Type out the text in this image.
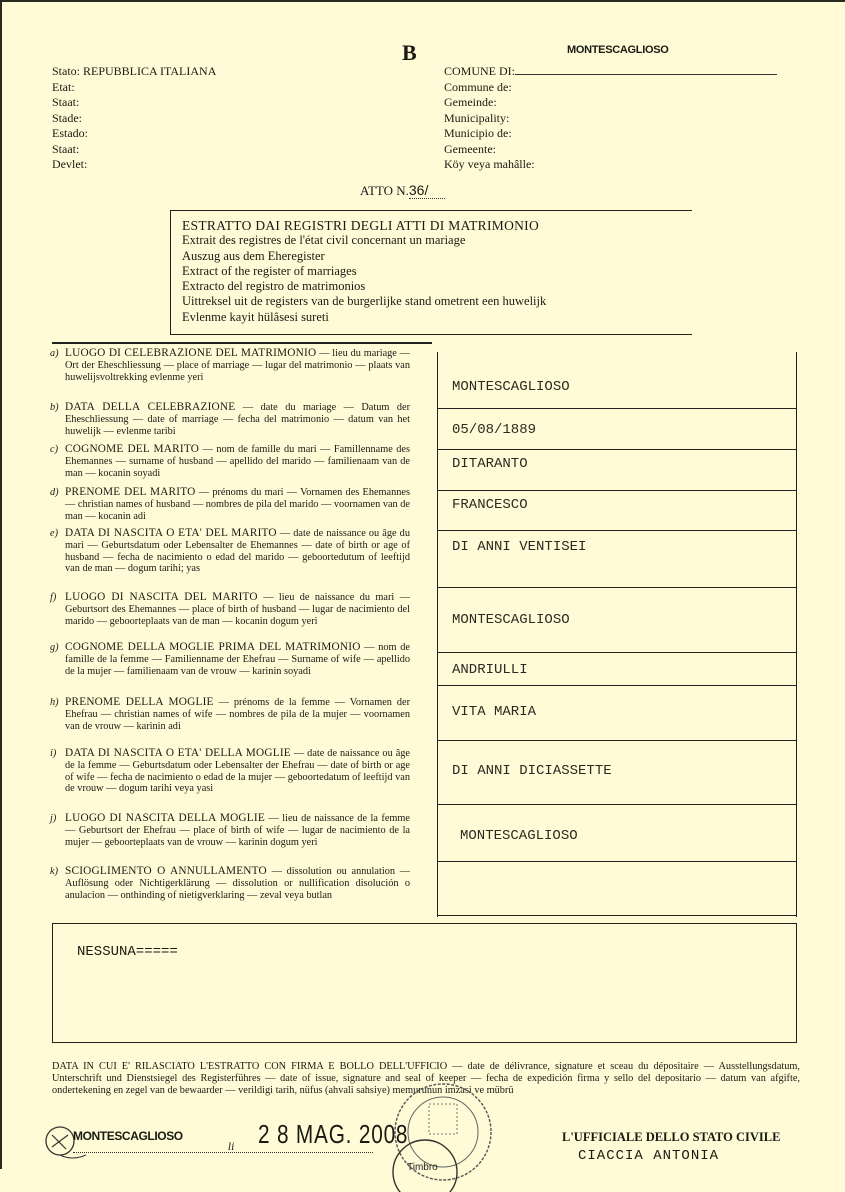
B	MONTESCAGLIOSO
Stato: REPUBBLICA ITALIANA
Etat:
Staat:
Stade:
Estado:
Staat:
Devlet:
COMUNE DI:
Commune de:
Gemeinde:
Municipality:
Municipio de:
Gemeente:
Köy veya mahâlle:
ATTO N.36/
ESTRATTO DAI REGISTRI DEGLI ATTI DI MATRIMONIO
Extrait des registres de l'état civil concernant un mariage
Auszug aus dem Eheregister
Extract of the register of marriages
Extracto del registro de matrimonios
Uittreksel uit de registers van de burgerlijke stand ometrent een huwelijk
Evlenme kayit hülâsesi sureti
a) LUOGO DI CELEBRAZIONE DEL MATRIMONIO — lieu du mariage — Ort der Eheschliessung — place of marriage — lugar del matrimonio — plaats van huwelijsvoltrekking evlenme yeri
b) DATA DELLA CELEBRAZIONE — date du mariage — Datum der Eheschliessung — date of marriage — fecha del matrimonio — datum van het huwelijk — evlenme taribi
c) COGNOME DEL MARITO — nom de famille du mari — Famillenname des Ehemannes — surname of husband — apellido del marido — familienaam van de man — kocanin soyadi
d) PRENOME DEL MARITO — prénoms du mari — Vornamen des Ehemannes — christian names of husband — nombres de pila del marido — voornamen van de man — kocanin adi
e) DATA DI NASCITA O ETA' DEL MARITO — date de naissance ou âge du mari — Geburtsdatum oder Lebensalter de Ehemannes — date of birth or age of husband — fecha de nacimiento o edad del marido — geboortedutum of leeftijd van de man — dogum tarihi; yas
f) LUOGO DI NASCITA DEL MARITO — lieu de naissance du mari — Geburtsort des Ehemannes — place of birth of husband — lugar de nacimiento del marido — geboorteplaats van de man — kocanin dogum yeri
g) COGNOME DELLA MOGLIE PRIMA DEL MATRIMONIO — nom de famille de la femme — Familienname der Ehefrau — Surname of wife — apellido de la mujer — familienaam van de vrouw — karinin soyadi
h) PRENOME DELLA MOGLIE — prénoms de la femme — Vornamen der Ehefrau — christian names of wife — nombres de pila de la mujer — voornamen van de vrouw — karinin adi
i) DATA DI NASCITA O ETA' DELLA MOGLIE — date de naissance ou âge de la femme — Geburtsdatum oder Lebensalter der Ehefrau — date of birth or age of wife — fecha de nacimiento o edad de la mujer — geboortedatum of leeftijd van de vrouw — dogum tarihi veya yasi
j) LUOGO DI NASCITA DELLA MOGLIE — lieu de naissance de la femme — Geburtsort der Ehefrau — place of birth of wife — lugar de nacimiento de la mujer — geboorteplaats van de vrouw — karinin dogum yeri
k) SCIOGLIMENTO O ANNULLAMENTO — dissolution ou annulation — Auflösung oder Nichtigerklärung — dissolution or nullification disolución o anulacion — onthinding of nietigverklaring — zeval veya butlan
MONTESCAGLIOSO
05/08/1889
DITARANTO
FRANCESCO
DI ANNI VENTISEI
MONTESCAGLIOSO
ANDRIULLI
VITA MARIA
DI ANNI DICIASSETTE
MONTESCAGLIOSO
NESSUNA=====
DATA IN CUI E' RILASCIATO L'ESTRATTO CON FIRMA E BOLLO DELL'UFFICIO — date de délivrance, signature et sceau du dépositaire — Ausstellungsdatum, Unterschrift und Dienstsiegel des Registerführes — date of issue, signature and seal of keeper — fecha de expedición firma y sello del depositario — datum van afgifte, ondertekening en zegel van de bewaarder — verildigi tarih, nüfus (ahvali sahsiye) memurunun imzasi ve mübrü
MONTESCAGLIOSO
li 2 8 MAG. 2008
Timbro
L'UFFICIALE DELLO STATO CIVILE
CIACCIA ANTONIA
